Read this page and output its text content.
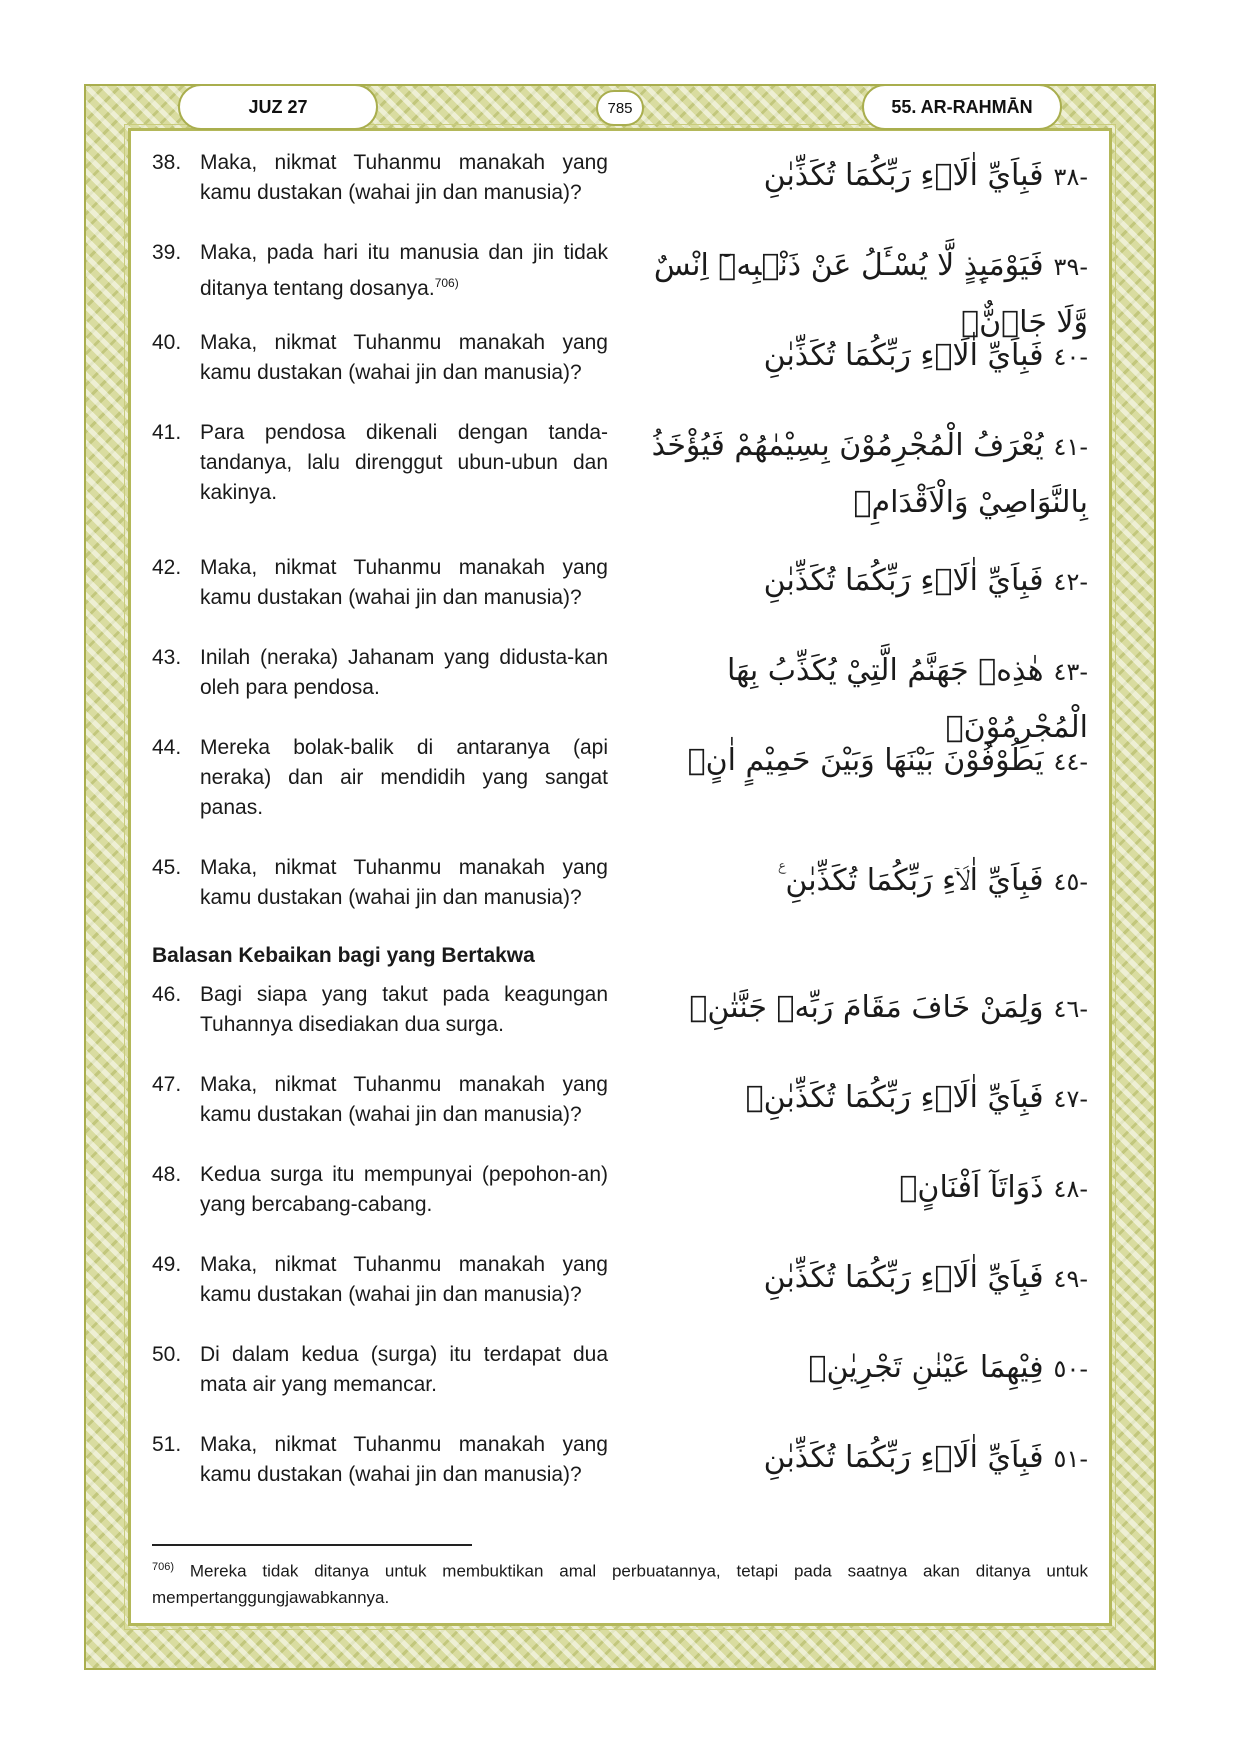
JUZ 27	785	55. AR-RAHMĀN
38. Maka, nikmat Tuhanmu manakah yang kamu dustakan (wahai jin dan manusia)?
-٣٨فَبِاَيِّ اٰلَاۤءِ رَبِّكُمَا تُكَذِّبٰنِ
39. Maka, pada hari itu manusia dan jin tidak ditanya tentang dosanya.$^{706)}$
-٣٩فَيَوْمَىِٕذٍ لَّا يُسْـَٔلُ عَنْ ذَنْۢبِهٖٓ اِنْسٌ وَّلَا جَاۤنٌّۚ
40. Maka, nikmat Tuhanmu manakah yang kamu dustakan (wahai jin dan manusia)?
-٤٠فَبِاَيِّ اٰلَاۤءِ رَبِّكُمَا تُكَذِّبٰنِ
41. Para pendosa dikenali dengan tanda-tandanya, lalu direnggut ubun-ubun dan kakinya.
-٤١يُعْرَفُ الْمُجْرِمُوْنَ بِسِيْمٰهُمْ فَيُؤْخَذُ بِالنَّوَاصِيْ وَالْاَقْدَامِۚ
42. Maka, nikmat Tuhanmu manakah yang kamu dustakan (wahai jin dan manusia)?
-٤٢فَبِاَيِّ اٰلَاۤءِ رَبِّكُمَا تُكَذِّبٰنِ
43. Inilah (neraka) Jahanam yang didusta-kan oleh para pendosa.
-٤٣هٰذِهٖ جَهَنَّمُ الَّتِيْ يُكَذِّبُ بِهَا الْمُجْرِمُوْنَۘ
44. Mereka bolak-balik di antaranya (api neraka) dan air mendidih yang sangat panas.
-٤٤يَطُوْفُوْنَ بَيْنَهَا وَبَيْنَ حَمِيْمٍ اٰنٍۚ
45. Maka, nikmat Tuhanmu manakah yang kamu dustakan (wahai jin dan manusia)?
-٤٥فَبِاَيِّ اٰلَاۤءِ رَبِّكُمَا تُكَذِّبٰنِ ࣖ
Balasan Kebaikan bagi yang Bertakwa
46. Bagi siapa yang takut pada keagungan Tuhannya disediakan dua surga.
-٤٦وَلِمَنْ خَافَ مَقَامَ رَبِّهٖ جَنَّتٰنِۚ
47. Maka, nikmat Tuhanmu manakah yang kamu dustakan (wahai jin dan manusia)?
-٤٧فَبِاَيِّ اٰلَاۤءِ رَبِّكُمَا تُكَذِّبٰنِۙ
48. Kedua surga itu mempunyai (pepohon-an) yang bercabang-cabang.
-٤٨ذَوَاتَآ اَفْنَانٍۚ
49. Maka, nikmat Tuhanmu manakah yang kamu dustakan (wahai jin dan manusia)?
-٤٩فَبِاَيِّ اٰلَاۤءِ رَبِّكُمَا تُكَذِّبٰنِ
50. Di dalam kedua (surga) itu terdapat dua mata air yang memancar.
-٥٠فِيْهِمَا عَيْنٰنِ تَجْرِيٰنِۚ
51. Maka, nikmat Tuhanmu manakah yang kamu dustakan (wahai jin dan manusia)?
-٥١فَبِاَيِّ اٰلَاۤءِ رَبِّكُمَا تُكَذِّبٰنِ
$^{706)}$ Mereka tidak ditanya untuk membuktikan amal perbuatannya, tetapi pada saatnya akan ditanya untuk mempertanggungjawabkannya.
